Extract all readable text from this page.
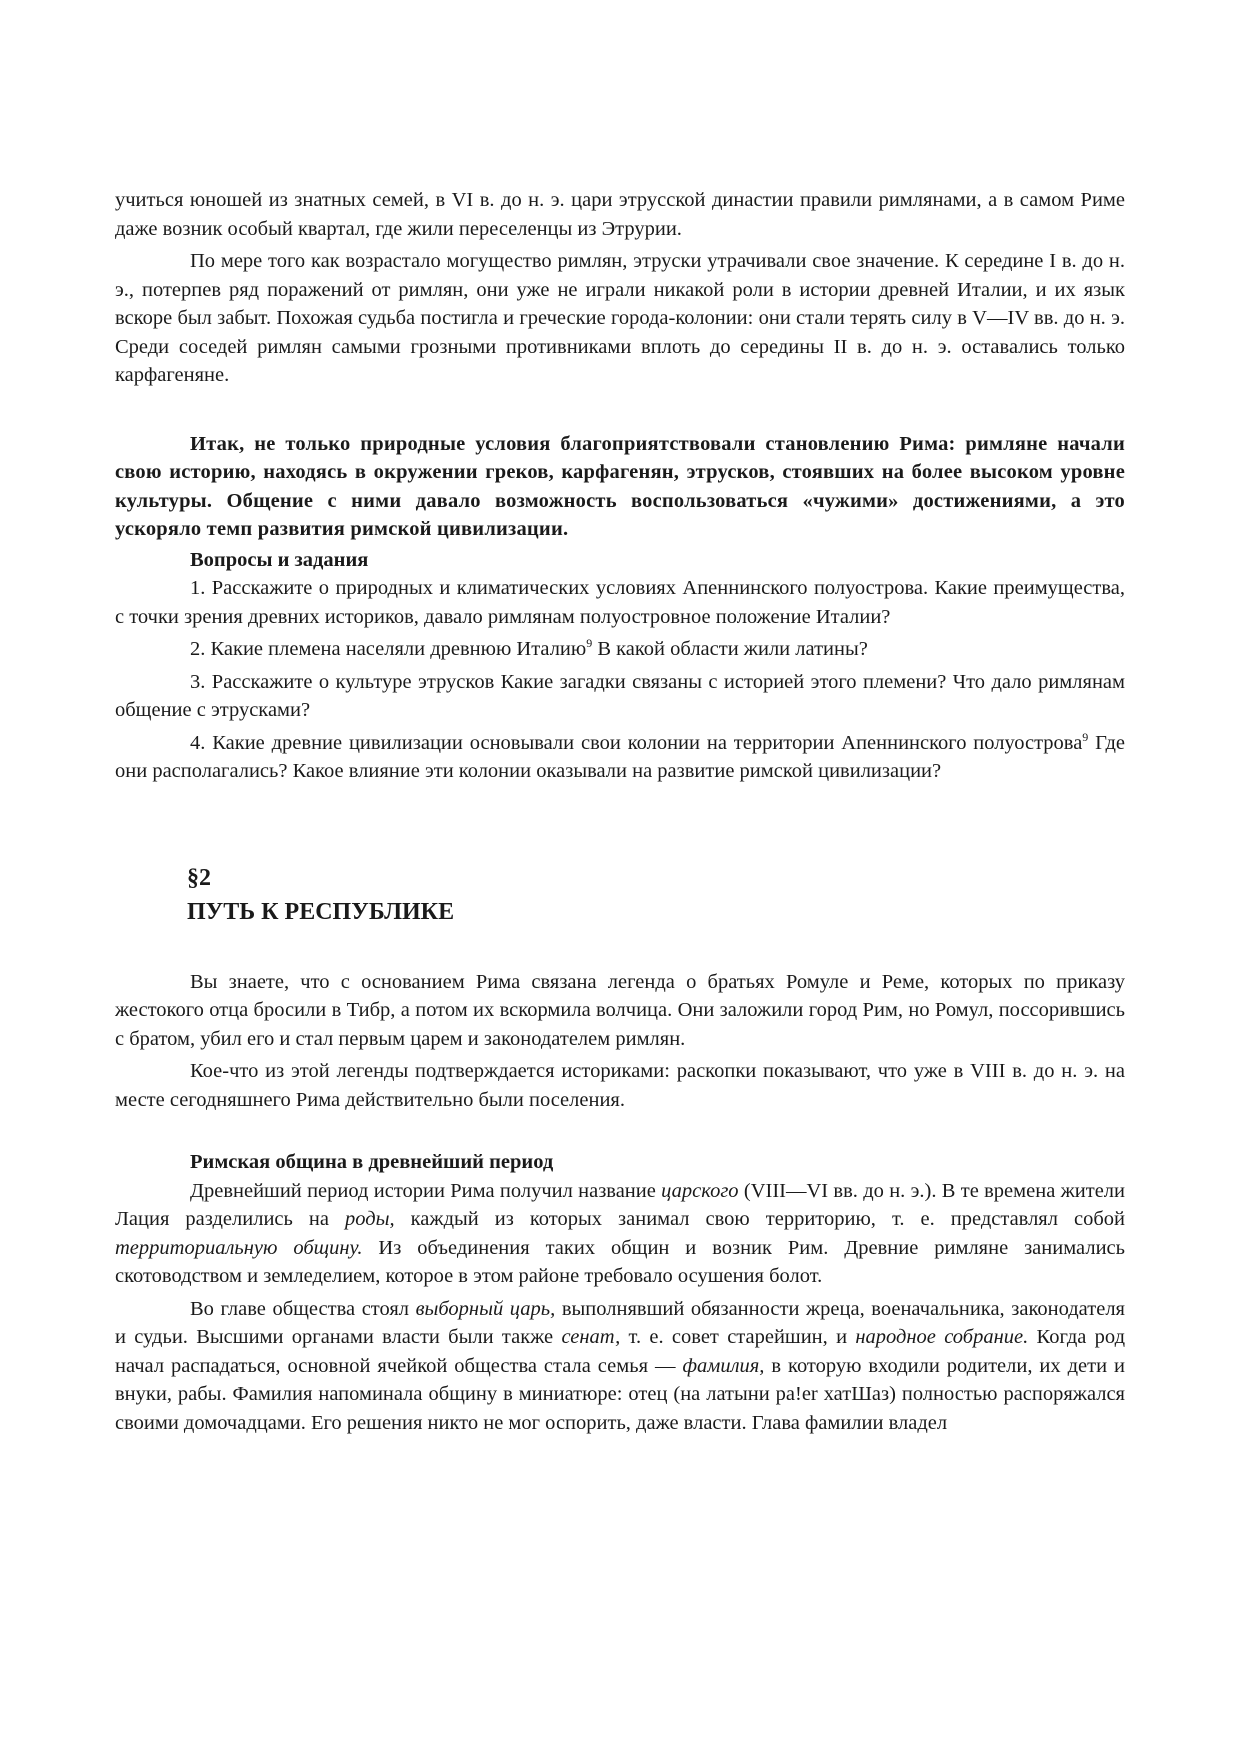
учиться юношей из знатных семей, в VI в. до н. э. цари этрусской династии правили римлянами, а в самом Риме даже возник особый квартал, где жили переселенцы из Этрурии.

По мере того как возрастало могущество римлян, этруски утрачивали свое значение. К середине I в. до н. э., потерпев ряд поражений от римлян, они уже не играли никакой роли в истории древней Италии, и их язык вскоре был забыт. Похожая судьба постигла и греческие города-колонии: они стали терять силу в V—IV вв. до н. э. Среди соседей римлян самыми грозными противниками вплоть до середины II в. до н. э. оставались только карфагеняне.

Итак, не только природные условия благоприятствовали становлению Рима: римляне начали свою историю, находясь в окружении греков, карфагенян, этрусков, стоявших на более высоком уровне культуры. Общение с ними давало возможность воспользоваться «чужими» достижениями, а это ускоряло темп развития римской цивилизации.

Вопросы и задания

1. Расскажите о природных и климатических условиях Апеннинского полуострова. Какие преимущества, с точки зрения древних историков, давало римлянам полуостровное положение Италии?

2. Какие племена населяли древнюю Италию$^9$ В какой области жили латины?

3. Расскажите о культуре этрусков Какие загадки связаны с историей этого племени? Что дало римлянам общение с этрусками?

4. Какие древние цивилизации основывали свои колонии на территории Апеннинского полуострова$^9$ Где они располагались? Какое влияние эти колонии оказывали на развитие римской цивилизации?

§2
ПУТЬ К РЕСПУБЛИКЕ

Вы знаете, что с основанием Рима связана легенда о братьях Ромуле и Реме, которых по приказу жестокого отца бросили в Тибр, а потом их вскормила волчица. Они заложили город Рим, но Ромул, поссорившись с братом, убил его и стал первым царем и законодателем римлян.

Кое-что из этой легенды подтверждается историками: раскопки показывают, что уже в VIII в. до н. э. на месте сегодняшнего Рима действительно были поселения.

Римская община в древнейший период

Древнейший период истории Рима получил название царского (VIII—VI вв. до н. э.). В те времена жители Лация разделились на роды, каждый из которых занимал свою территорию, т. е. представлял собой территориальную общину. Из объединения таких общин и возник Рим. Древние римляне занимались скотоводством и земледелием, которое в этом районе требовало осушения болот.

Во главе общества стоял выборный царь, выполнявший обязанности жреца, военачальника, законодателя и судьи. Высшими органами власти были также сенат, т. е. совет старейшин, и народное собрание. Когда род начал распадаться, основной ячейкой общества стала семья — фамилия, в которую входили родители, их дети и внуки, рабы. Фамилия напоминала общину в миниатюре: отец (на латыни pa!er хатШаз) полностью распоряжался своими домочадцами. Его решения никто не мог оспорить, даже власти. Глава фамилии владел
